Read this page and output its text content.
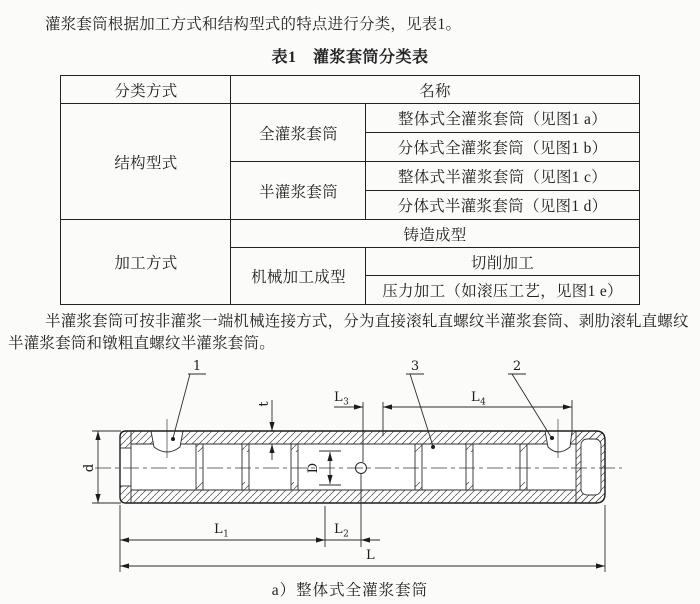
灌浆套筒根据加工方式和结构型式的特点进行分类，见表1。
表1　灌浆套筒分类表
分类方式	名称	
结构型式	全灌浆套筒	整体式全灌浆套筒（见图1 a）
		分体式全灌浆套筒（见图1 b）
	半灌浆套筒	整体式半灌浆套筒（见图1 c）
		分体式半灌浆套筒（见图1 d）
加工方式	铸造成型	
	机械加工成型	切削加工
		压力加工（如滚压工艺，见图1 e）
半灌浆套筒可按非灌浆一端机械连接方式，分为直接滚轧直螺纹半灌浆套筒、剥肋滚轧直螺纹
半灌浆套筒和镦粗直螺纹半灌浆套筒。
d
t
D
$L_3$	$L_4$
1	3	2
$L_1$	$L_2$
L
a）整体式全灌浆套筒
